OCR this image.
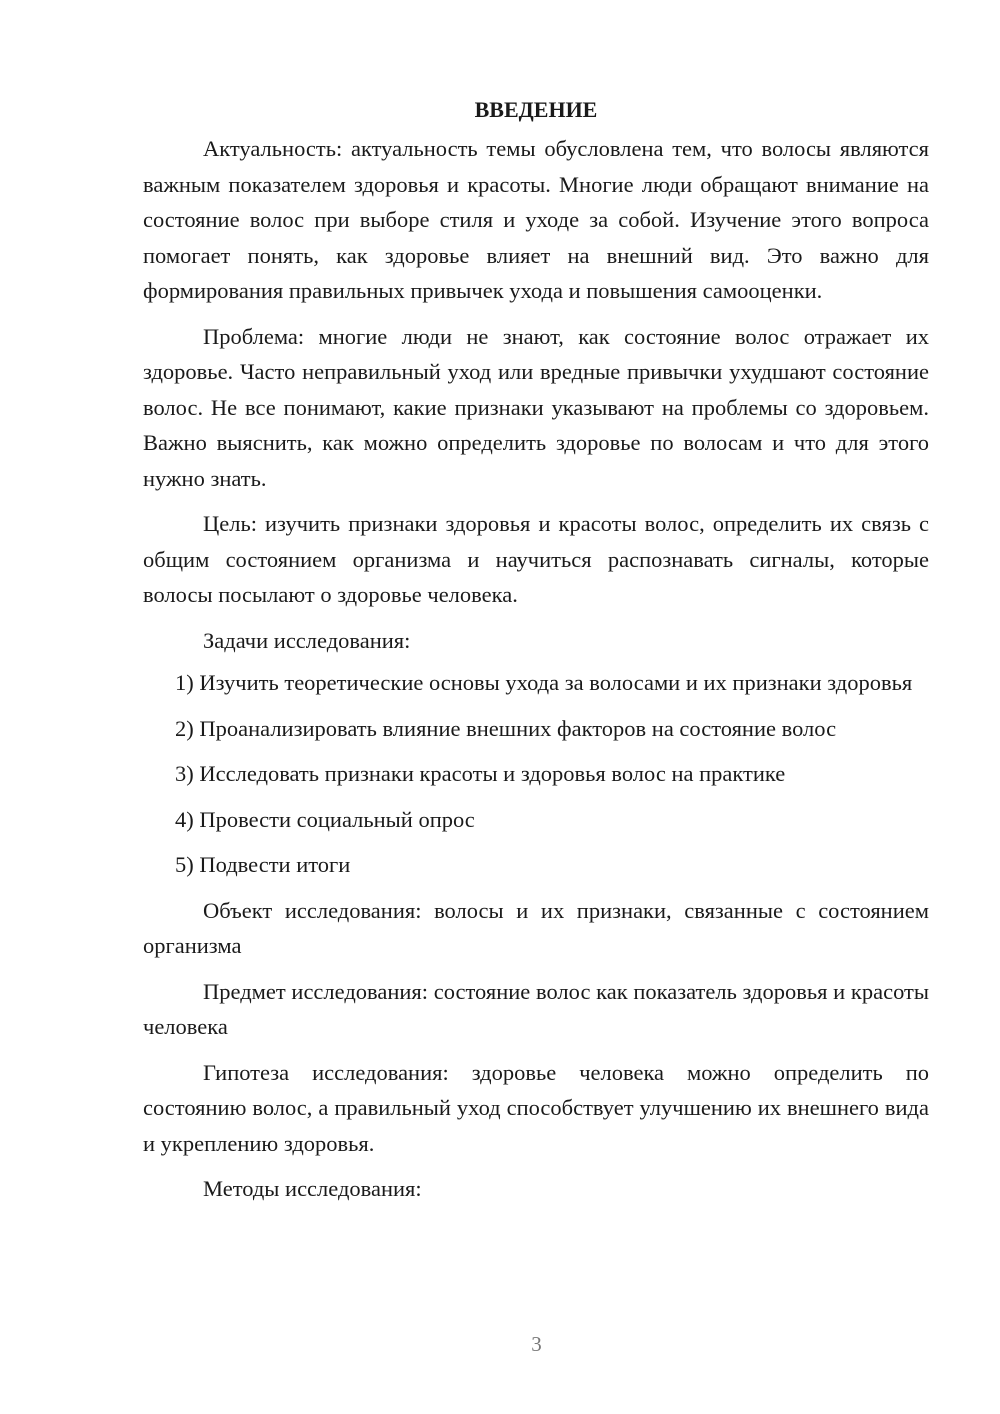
ВВЕДЕНИЕ

Актуальность: актуальность темы обусловлена тем, что волосы являются важным показателем здоровья и красоты. Многие люди обращают внимание на состояние волос при выборе стиля и уходе за собой. Изучение этого вопроса помогает понять, как здоровье влияет на внешний вид. Это важно для формирования правильных привычек ухода и повышения самооценки.

Проблема: многие люди не знают, как состояние волос отражает их здоровье. Часто неправильный уход или вредные привычки ухудшают состояние волос. Не все понимают, какие признаки указывают на проблемы со здоровьем. Важно выяснить, как можно определить здоровье по волосам и что для этого нужно знать.

Цель: изучить признаки здоровья и красоты волос, определить их связь с общим состоянием организма и научиться распознавать сигналы, которые волосы посылают о здоровье человека.

Задачи исследования:

1) Изучить теоретические основы ухода за волосами и их признаки здоровья
2) Проанализировать влияние внешних факторов на состояние волос
3) Исследовать признаки красоты и здоровья волос на практике
4) Провести социальный опрос
5) Подвести итоги

Объект исследования: волосы и их признаки, связанные с состоянием организма

Предмет исследования: состояние волос как показатель здоровья и красоты человека

Гипотеза исследования: здоровье человека можно определить по состоянию волос, а правильный уход способствует улучшению их внешнего вида и укреплению здоровья.

Методы исследования:

3
